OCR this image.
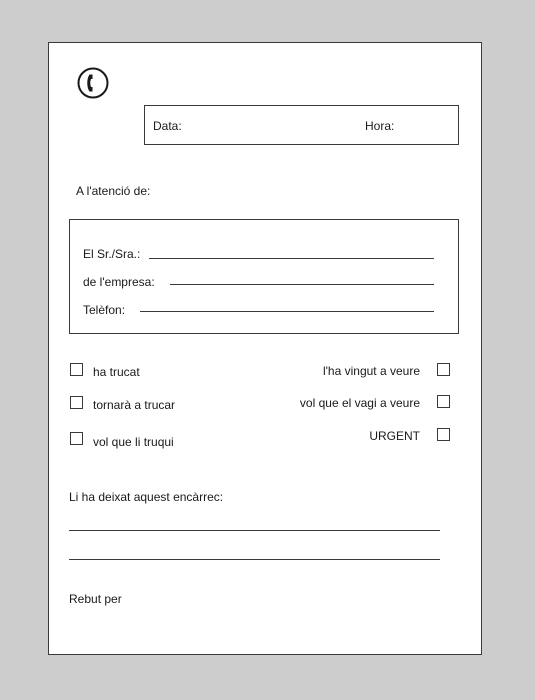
Data:	Hora:
A l'atenció de:
El Sr./Sra.:
de l'empresa:
Telèfon:
ha trucat
tornarà a trucar
vol que li truqui
l'ha vingut a veure
vol que el vagi a veure
URGENT
Li ha deixat aquest encàrrec:
Rebut per
